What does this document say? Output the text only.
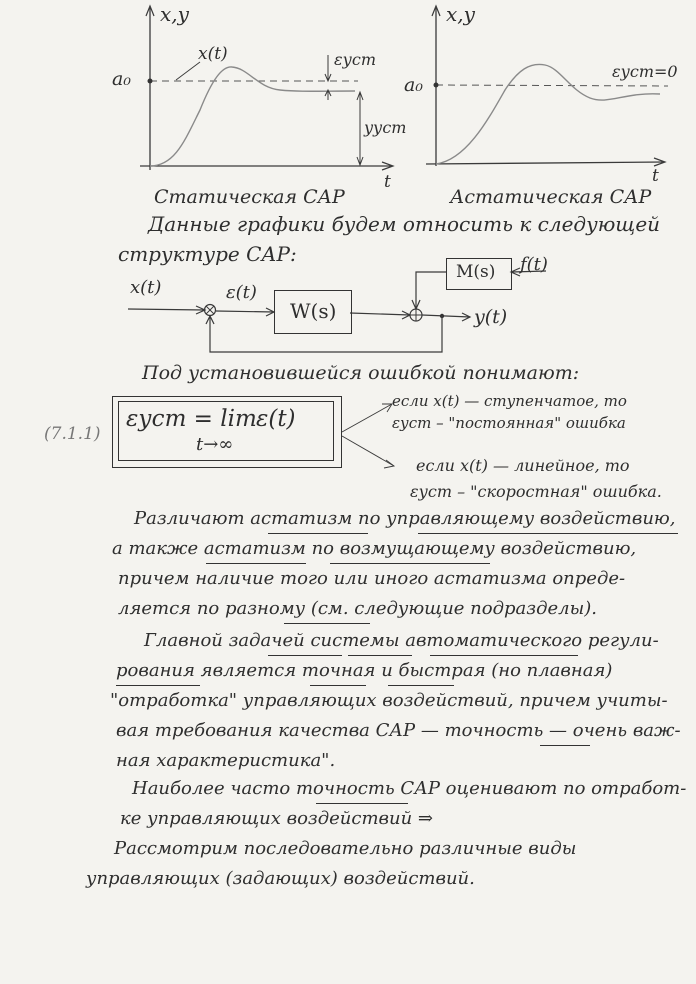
x,y
t
a₀
x(t)	εуст
yуст
Статическая САР
x,y
t
a₀
εуст=0
Астатическая САР
Данные графики будем относить к следующей
структуре САР:
x(t)	ε(t)
W(s)
M(s) f(t)
y(t)
Под установившейся ошибкой понимают:
(7.1.1)
εуст = lim ε(t)
t→∞
если x(t) — ступенчатое, то
εуст – "постоянная" ошибка
если x(t) — линейное, то
εуст – "скоростная" ошибка.
Различают астатизм по управляющему воздействию,
а также астатизм по возмущающему воздействию,
причем наличие того или иного астатизма опреде-
ляется по разному (см. следующие подразделы).
Главной задачей системы автоматического регули-
рования является точная и быстрая (но плавная)
"отработка" управляющих воздействий, причем учиты-
вая требования качества САР — точность — очень важ-
ная характеристика".
Наиболее часто точность САР оценивают по отработ-
ке управляющих воздействий ⇒
Рассмотрим последовательно различные виды
управляющих (задающих) воздействий.
